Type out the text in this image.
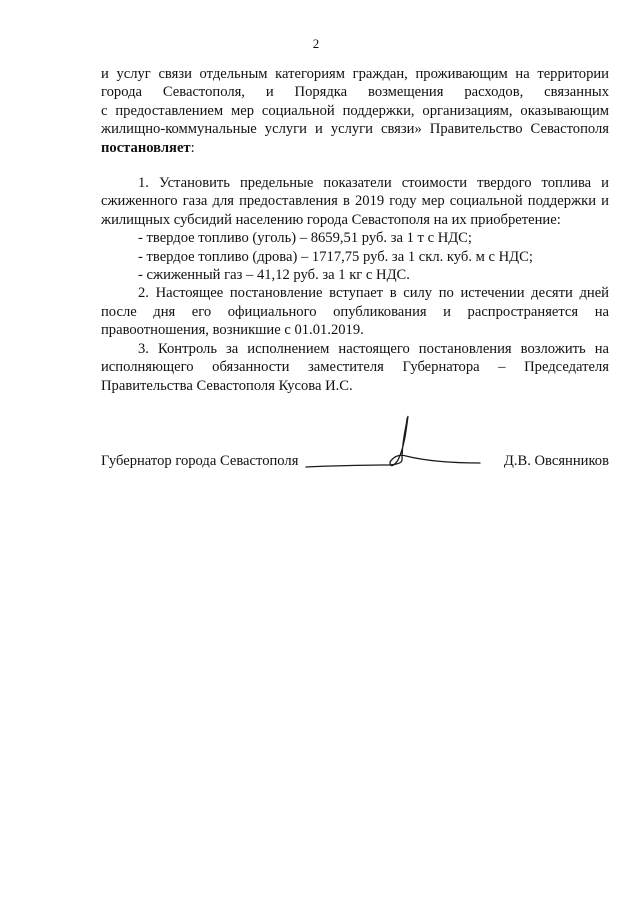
2

и услуг связи отдельным категориям граждан, проживающим на территории

города Севастополя, и Порядка возмещения расходов, связанных

с предоставлением мер социальной поддержки, организациям, оказывающим

жилищно-коммунальные услуги и услуги связи» Правительство Севастополя

постановляет:

1. Установить предельные показатели стоимости твердого топлива и сжиженного газа для предоставления в 2019 году мер социальной поддержки и жилищных субсидий населению города Севастополя на их приобретение:

- твердое топливо (уголь) – 8659,51 руб. за 1 т с НДС;

- твердое топливо (дрова) – 1717,75 руб. за 1 скл. куб. м с НДС;

- сжиженный газ – 41,12 руб. за 1 кг с НДС.

2. Настоящее постановление вступает в силу по истечении десяти дней после дня его официального опубликования и распространяется на правоотношения, возникшие с 01.01.2019.

3. Контроль за исполнением настоящего постановления возложить на исполняющего обязанности заместителя Губернатора – Председателя Правительства Севастополя Кусова И.С.

Губернатор города Севастополя	Д.В. Овсянников
